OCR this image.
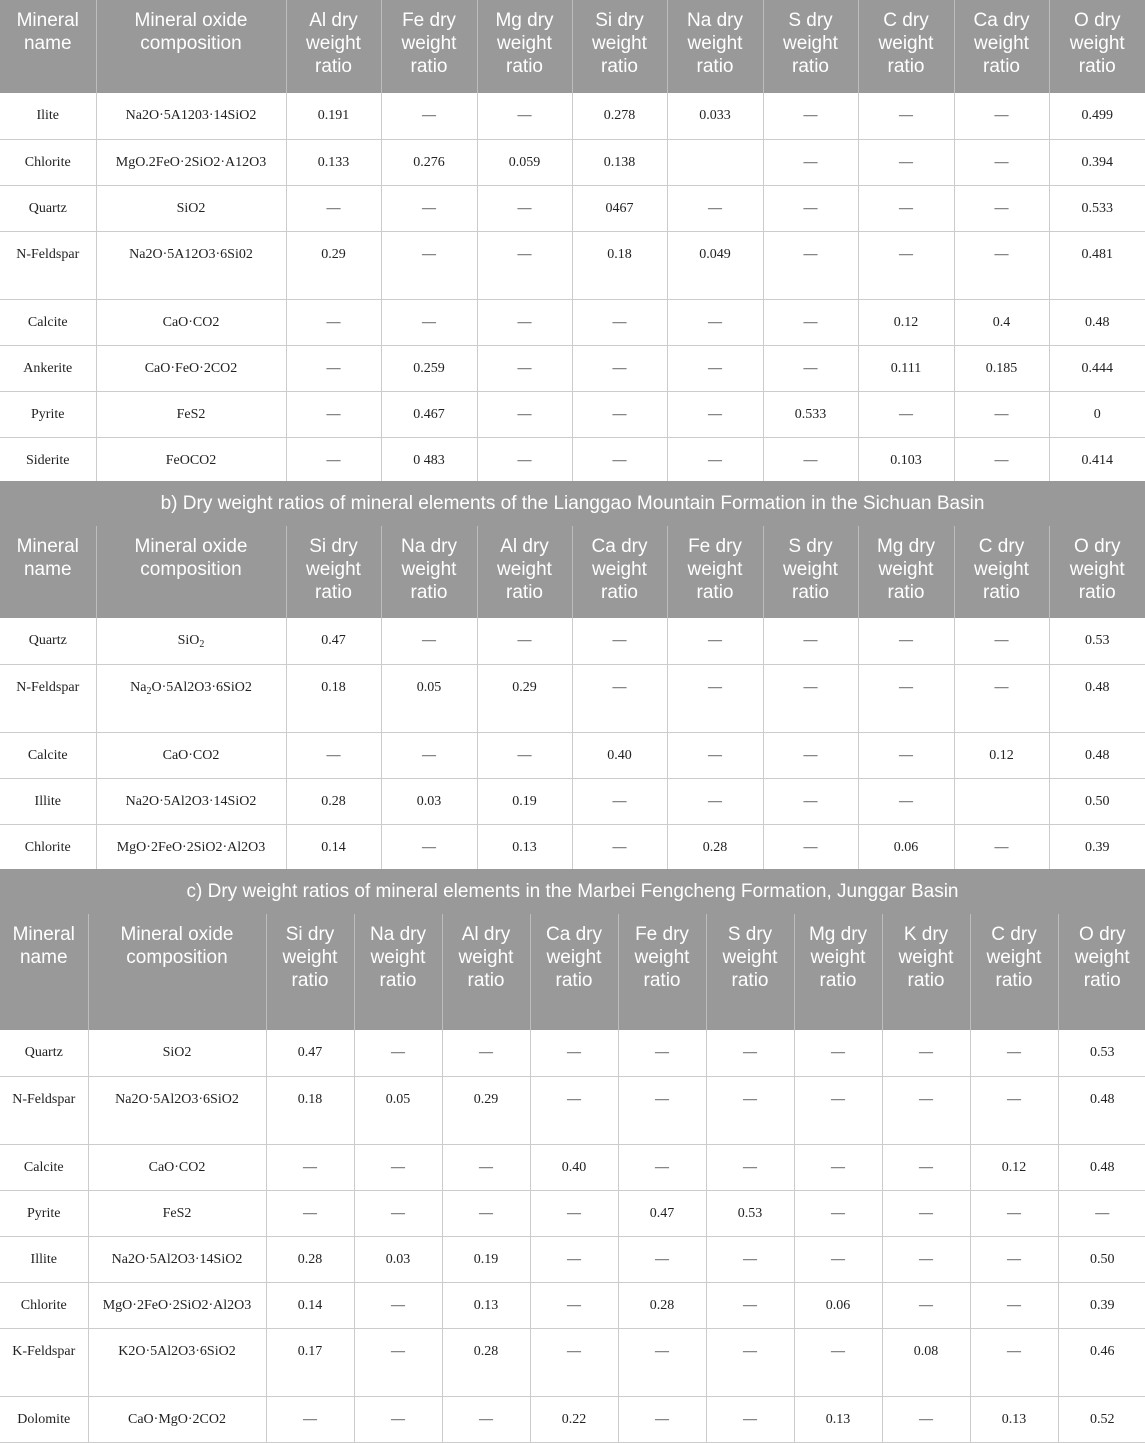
Mineral name	Mineral oxide composition	Al dry weight ratio	Fe dry weight ratio	Mg dry weight ratio	Si dry weight ratio	Na dry weight ratio	S dry weight ratio	C dry weight ratio	Ca dry weight ratio	O dry weight ratio
Ilite	Na2O·5A1203·14SiO2	0.191	—	—	0.278	0.033	—	—	—	0.499
Chlorite	MgO.2FeO·2SiO2·A12O3	0.133	0.276	0.059	0.138		—	—	—	0.394
Quartz	SiO2	—	—	—	0467	—	—	—	—	0.533
N-Feldspar	Na2O·5A12O3·6Si02	0.29	—	—	0.18	0.049	—	—	—	0.481
Calcite	CaO·CO2	—	—	—	—	—	—	0.12	0.4	0.48
Ankerite	CaO·FeO·2CO2	—	0.259	—	—	—	—	0.111	0.185	0.444
Pyrite	FeS2	—	0.467	—	—	—	0.533	—	—	0
Siderite	FeOCO2	—	0 483	—	—	—	—	0.103	—	0.414
b) Dry weight ratios of mineral elements of the Lianggao Mountain Formation in the Sichuan Basin
Mineral name	Mineral oxide composition	Si dry weight ratio	Na dry weight ratio	Al dry weight ratio	Ca dry weight ratio	Fe dry weight ratio	S dry weight ratio	Mg dry weight ratio	C dry weight ratio	O dry weight ratio
Quartz	SiO$_2$	0.47	—	—	—	—	—	—	—	0.53
N-Feldspar	$Na_2O\cdot 5Al2O3\cdot 6SiO2$	0.18	0.05	0.29	—	—	—	—	—	0.48
Calcite	CaO·CO2	—	—	—	0.40	—	—	—	0.12	0.48
Illite	Na2O·5Al2O3·14SiO2	0.28	0.03	0.19	—	—	—	—		0.50
Chlorite	MgO·2FeO·2SiO2·Al2O3	0.14	—	0.13	—	0.28	—	0.06	—	0.39
c) Dry weight ratios of mineral elements in the Marbei Fengcheng Formation, Junggar Basin
Mineral name	Mineral oxide composition	Si dry weight ratio	Na dry weight ratio	Al dry weight ratio	Ca dry weight ratio	Fe dry weight ratio	S dry weight ratio	Mg dry weight ratio	K dry weight ratio	C dry weight ratio	O dry weight ratio
Quartz	SiO2	0.47	—	—	—	—	—	—	—	—	0.53
N-Feldspar	Na2O·5Al2O3·6SiO2	0.18	0.05	0.29	—	—	—	—	—	—	0.48
Calcite	CaO·CO2	—	—	—	0.40	—	—	—	—	0.12	0.48
Pyrite	FeS2	—	—	—	—	0.47	0.53	—	—	—	—
Illite	Na2O·5Al2O3·14SiO2	0.28	0.03	0.19	—	—	—	—	—	—	0.50
Chlorite	MgO·2FeO·2SiO2·Al2O3	0.14	—	0.13	—	0.28	—	0.06	—	—	0.39
K-Feldspar	K2O·5Al2O3·6SiO2	0.17	—	0.28	—	—	—	—	0.08	—	0.46
Dolomite	CaO·MgO·2CO2	—	—	—	0.22	—	—	0.13	—	0.13	0.52
